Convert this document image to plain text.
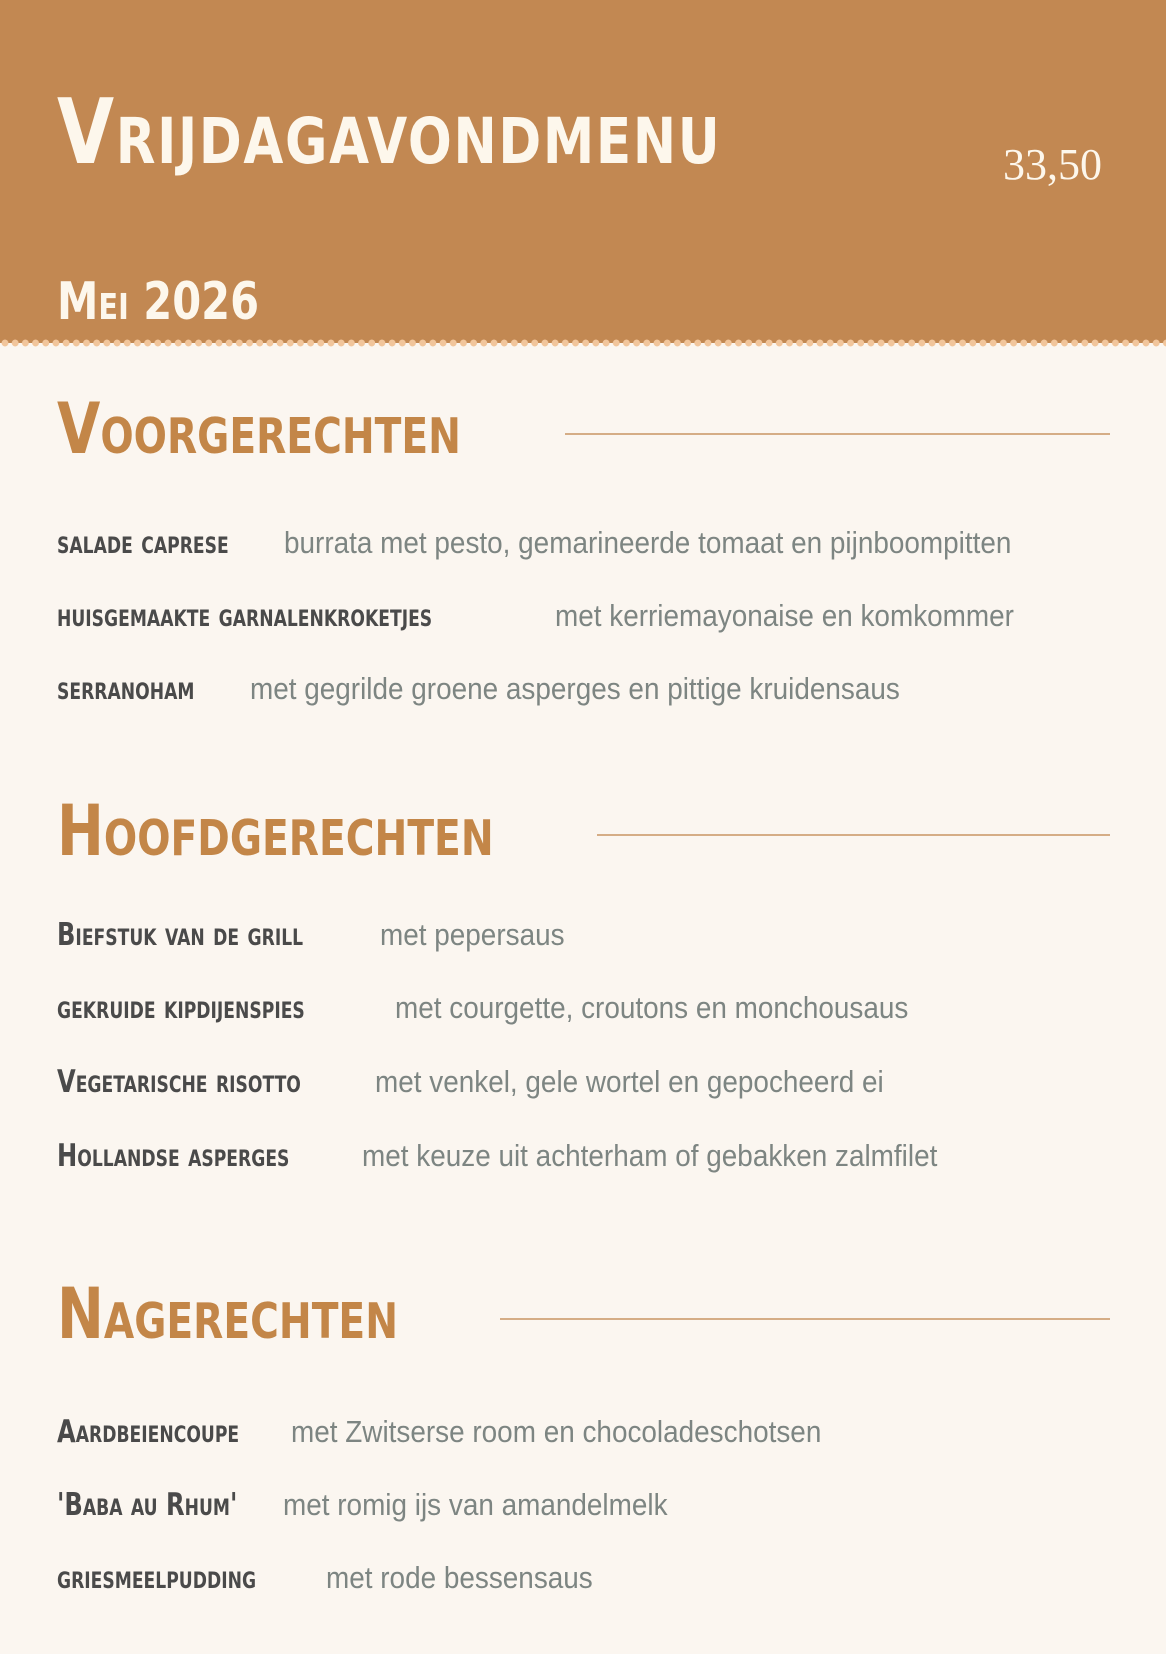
Vrijdagavondmenu	33,50
Mei 2026
Voorgerechten
salade caprese burrata met pesto, gemarineerde tomaat en pijnboompitten
huisgemaakte garnalenkroketjes	met kerriemayonaise en komkommer
serranoham met gegrilde groene asperges en pittige kruidensaus
Hoofdgerechten
Biefstuk van de grill met pepersaus
gekruide kipdijenspies	met courgette, croutons en monchousaus
Vegetarische risotto met venkel, gele wortel en gepocheerd ei
Hollandse asperges met keuze uit achterham of gebakken zalmfilet
Nagerechten
Aardbeiencoupe met Zwitserse room en chocoladeschotsen
'Baba au Rhum' met romig ijs van amandelmelk
griesmeelpudding met rode bessensaus
